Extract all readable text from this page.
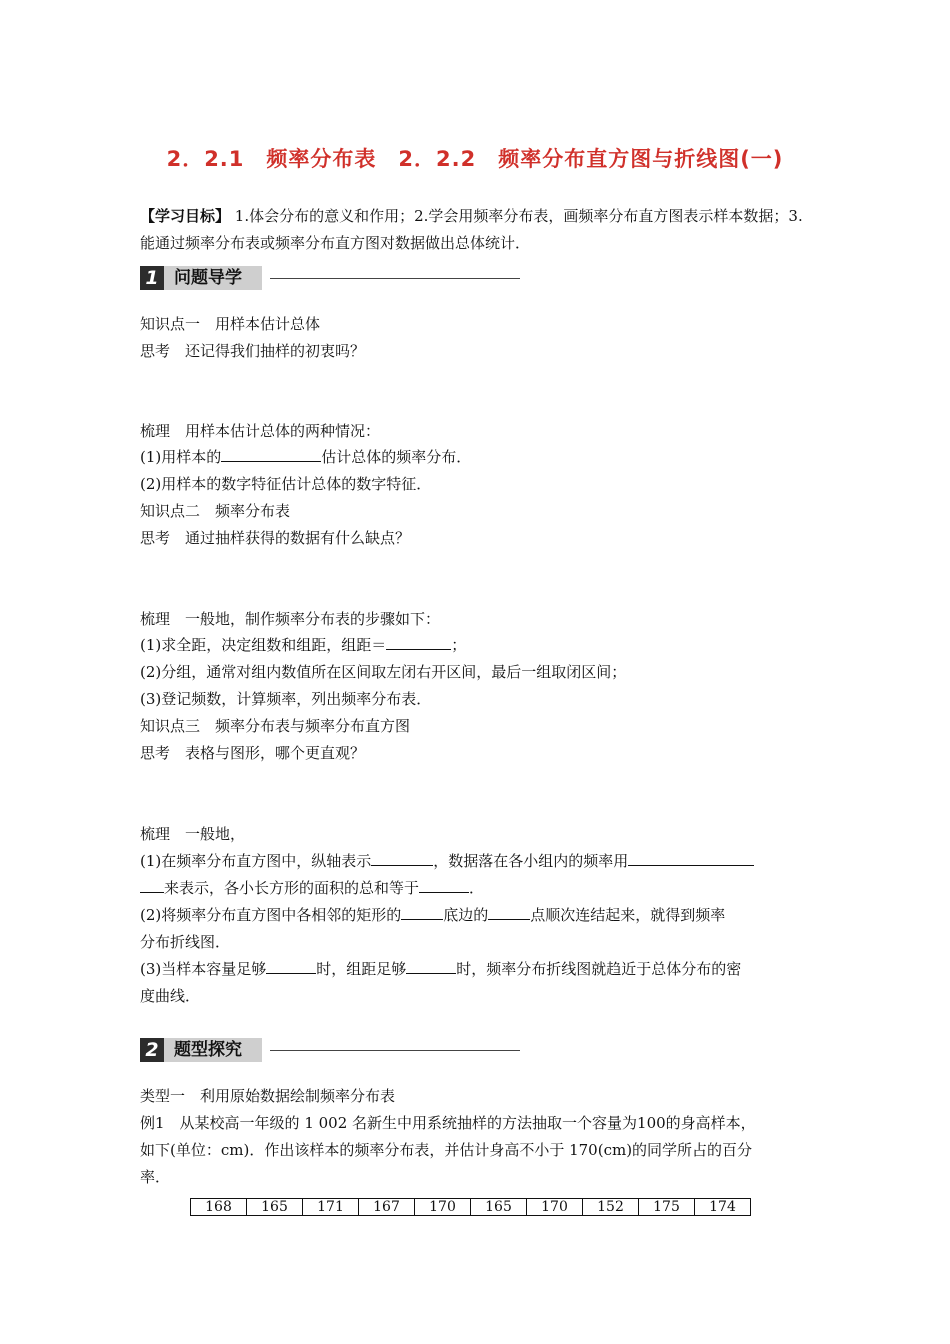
2．2.1　频率分布表　2．2.2　频率分布直方图与折线图(一)
【学习目标】 1.体会分布的意义和作用；2.学会用频率分布表，画频率分布直方图表示样本数据；3.能通过频率分布表或频率分布直方图对数据做出总体统计．
1 问题导学
知识点一　用样本估计总体
思考　还记得我们抽样的初衷吗？
梳理　用样本估计总体的两种情况：
(1)用样本的	估计总体的频率分布．
(2)用样本的数字特征估计总体的数字特征．
知识点二　频率分布表
思考　通过抽样获得的数据有什么缺点？
梳理　一般地，制作频率分布表的步骤如下：
(1)求全距，决定组数和组距，组距＝	；
(2)分组，通常对组内数值所在区间取左闭右开区间，最后一组取闭区间；
(3)登记频数，计算频率，列出频率分布表．
知识点三　频率分布表与频率分布直方图
思考　表格与图形，哪个更直观？
梳理　一般地，
(1)在频率分布直方图中，纵轴表示	，数据落在各小组内的频率用
来表示，各小长方形的面积的总和等于	．
(2)将频率分布直方图中各相邻的矩形的	底边的	点顺次连结起来，就得到频率
分布折线图．
(3)当样本容量足够	时，组距足够	时，频率分布折线图就趋近于总体分布的密
度曲线．
2 题型探究
类型一　利用原始数据绘制频率分布表
例1　从某校高一年级的 1 002 名新生中用系统抽样的方法抽取一个容量为100的身高样本，
如下(单位：cm)．作出该样本的频率分布表，并估计身高不小于 170(cm)的同学所占的百分
率．
168	165	171	167	170	165	170	152	175	174
